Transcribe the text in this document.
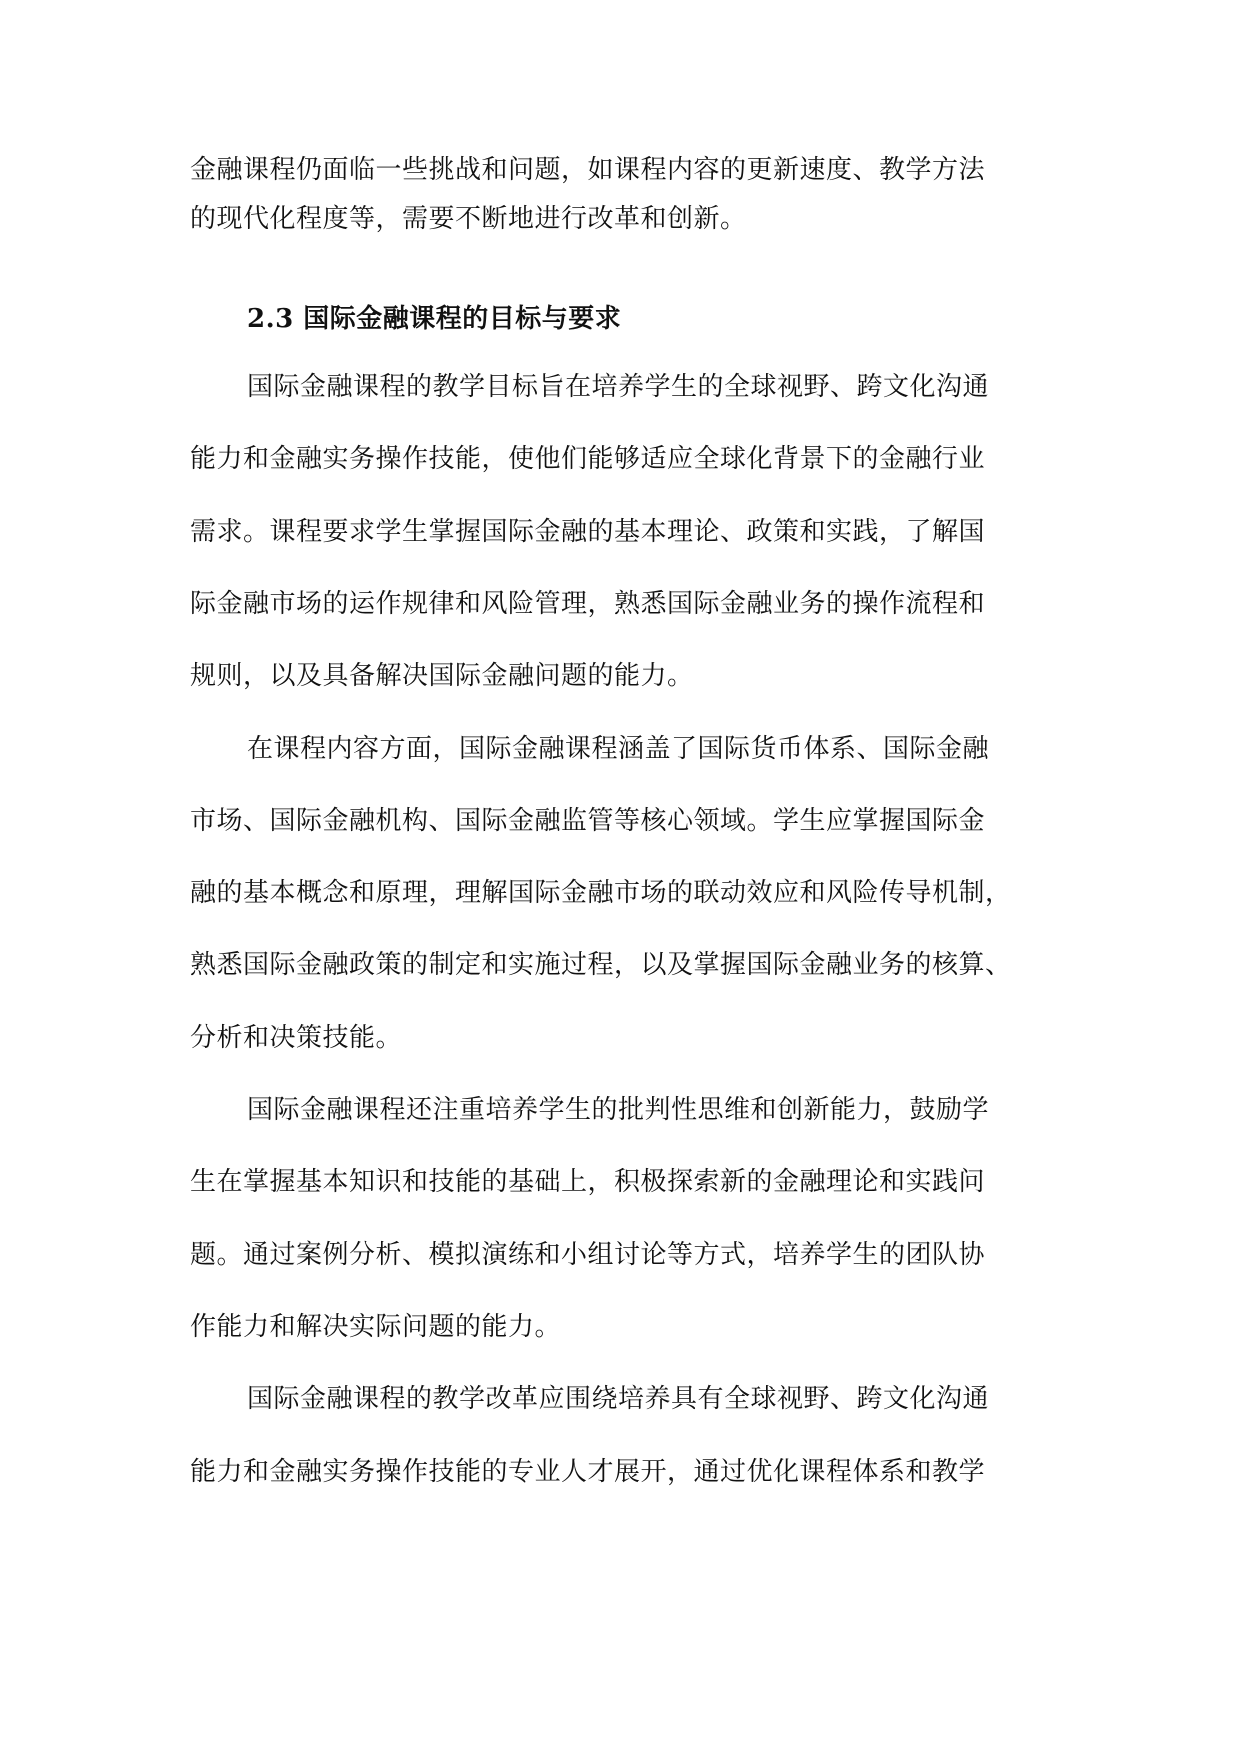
金融课程仍面临一些挑战和问题，如课程内容的更新速度、教学方法
的现代化程度等，需要不断地进行改革和创新。
2.3 国际金融课程的目标与要求
国际金融课程的教学目标旨在培养学生的全球视野、跨文化沟通
能力和金融实务操作技能，使他们能够适应全球化背景下的金融行业
需求。课程要求学生掌握国际金融的基本理论、政策和实践，了解国
际金融市场的运作规律和风险管理，熟悉国际金融业务的操作流程和
规则，以及具备解决国际金融问题的能力。
在课程内容方面，国际金融课程涵盖了国际货币体系、国际金融
市场、国际金融机构、国际金融监管等核心领域。学生应掌握国际金
融的基本概念和原理，理解国际金融市场的联动效应和风险传导机制，
熟悉国际金融政策的制定和实施过程，以及掌握国际金融业务的核算、
分析和决策技能。
国际金融课程还注重培养学生的批判性思维和创新能力，鼓励学
生在掌握基本知识和技能的基础上，积极探索新的金融理论和实践问
题。通过案例分析、模拟演练和小组讨论等方式，培养学生的团队协
作能力和解决实际问题的能力。
国际金融课程的教学改革应围绕培养具有全球视野、跨文化沟通
能力和金融实务操作技能的专业人才展开，通过优化课程体系和教学
